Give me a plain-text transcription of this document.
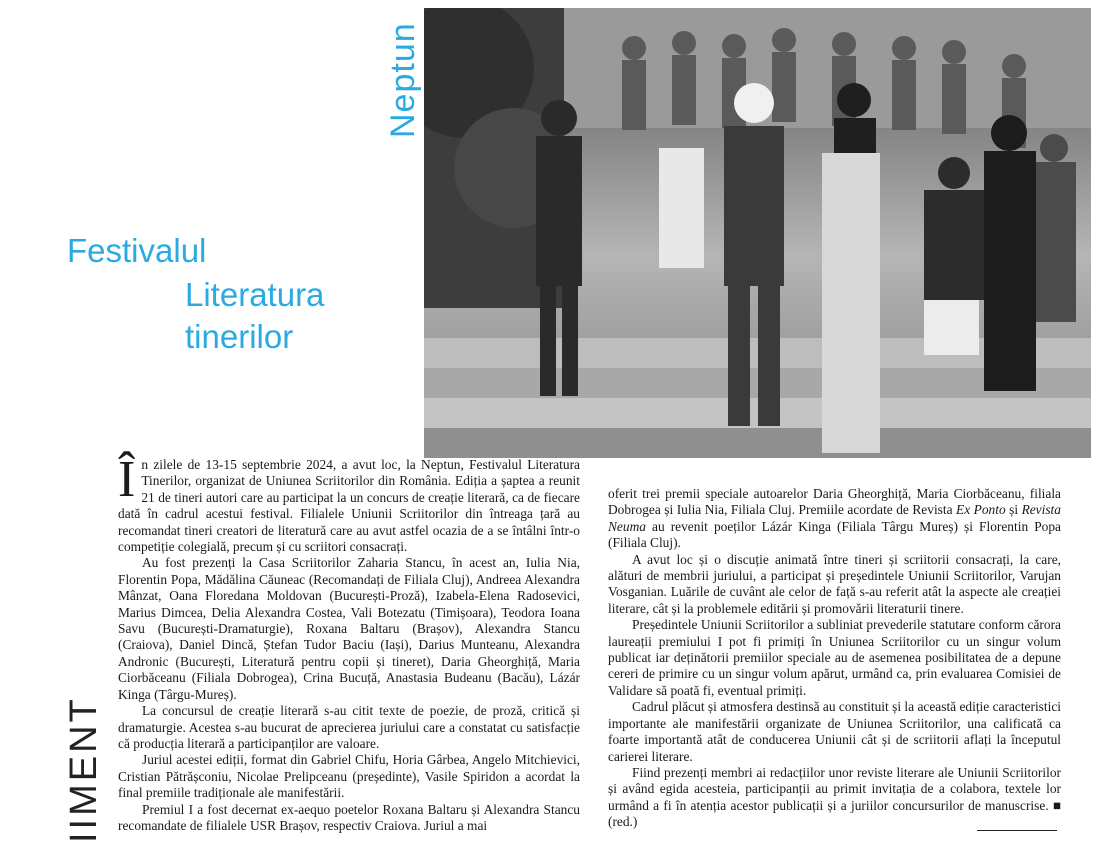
Neptun
Festivalul
Literatura
tinerilor
IIMENT

În zilele de 13-15 septembrie 2024, a avut loc, la Neptun, Festivalul Literatura Tinerilor, organizat de Uniunea Scriitorilor din România. Ediția a șaptea a reunit 21 de tineri autori care au participat la un concurs de creație literară, ca de fiecare dată în cadrul acestui festival. Filialele Uniunii Scriitorilor din întreaga țară au recomandat tineri creatori de literatură care au avut astfel ocazia de a se întâlni într-o competiție colegială, precum și cu scriitori consacrați.

Au fost prezenți la Casa Scriitorilor Zaharia Stancu, în acest an, Iulia Nia, Florentin Popa, Mădălina Căuneac (Recomandați de Filiala Cluj), Andreea Alexandra Mânzat, Oana Floredana Moldovan (București-Proză), Izabela-Elena Radosevici, Marius Dimcea, Delia Alexandra Costea, Vali Botezatu (Timișoara), Teodora Ioana Savu (București-Dramaturgie), Roxana Baltaru (Brașov), Alexandra Stancu (Craiova), Daniel Dincă, Ștefan Tudor Baciu (Iași), Darius Munteanu, Alexandra Andronic (București, Literatură pentru copii și tineret), Daria Gheorghiță, Maria Ciorbăceanu (Filiala Dobrogea), Crina Bucuță, Anastasia Budeanu (Bacău), Lázár Kinga (Târgu-Mureș).

La concursul de creație literară s-au citit texte de poezie, de proză, critică și dramaturgie. Acestea s-au bucurat de aprecierea juriului care a constatat cu satisfacție că producția literară a participanților are valoare.

Juriul acestei ediții, format din Gabriel Chifu, Horia Gârbea, Angelo Mitchievici, Cristian Pătrășconiu, Nicolae Prelipceanu (președinte), Vasile Spiridon a acordat la final premiile tradiționale ale manifestării.

Premiul I a fost decernat ex-aequo poetelor Roxana Baltaru și Alexandra Stancu recomandate de filialele USR Brașov, respectiv Craiova. Juriul a mai

oferit trei premii speciale autoarelor Daria Gheorghiță, Maria Ciorbăceanu, filiala Dobrogea și Iulia Nia, Filiala Cluj. Premiile acordate de Revista Ex Ponto și Revista Neuma au revenit poeților Lázár Kinga (Filiala Târgu Mureș) și Florentin Popa (Filiala Cluj).

A avut loc și o discuție animată între tineri și scriitorii consacrați, la care, alături de membrii juriului, a participat și președintele Uniunii Scriitorilor, Varujan Vosganian. Luările de cuvânt ale celor de față s-au referit atât la aspecte ale creației literare, cât și la problemele editării și promovării literaturii tinere.

Președintele Uniunii Scriitorilor a subliniat prevederile statutare conform cărora laureații premiului I pot fi primiți în Uniunea Scriitorilor cu un singur volum publicat iar deținătorii premiilor speciale au de asemenea posibilitatea de a depune cereri de primire cu un singur volum apărut, urmând ca, prin evaluarea Comisiei de Validare să poată fi, eventual primiți.

Cadrul plăcut și atmosfera destinsă au constituit și la această ediție caracteristici importante ale manifestării organizate de Uniunea Scriitorilor, una calificată ca foarte importantă atât de conducerea Uniunii cât și de scriitorii aflați la începutul carierei literare.

Fiind prezenți membri ai redacțiilor unor reviste literare ale Uniunii Scriitorilor și având egida acesteia, participanții au primit invitația de a colabora, textele lor urmând a fi în atenția acestor publicații și a juriilor concursurilor de manuscrise. ■ (red.)
